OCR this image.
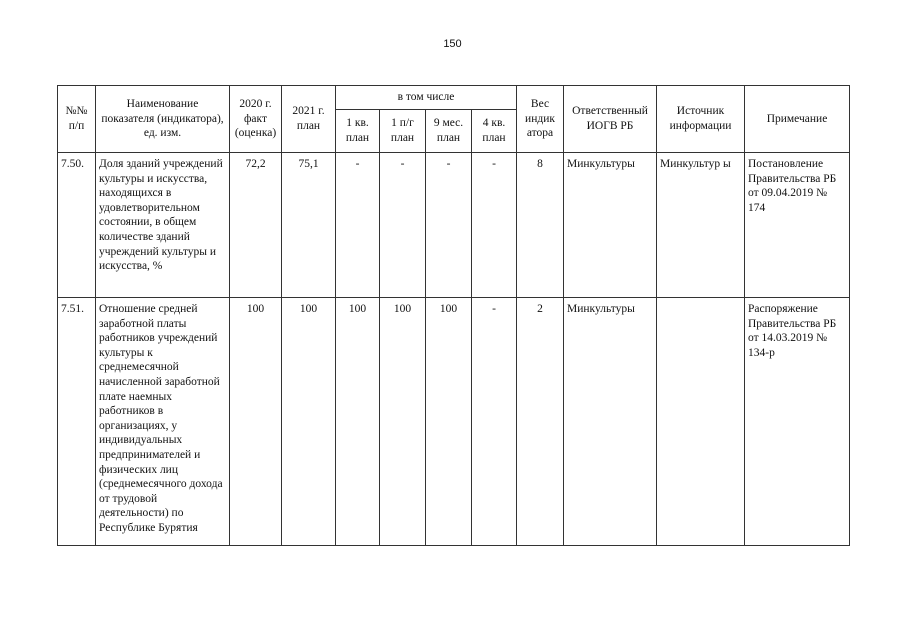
150
№№ п/п	Наименование показателя (индикатора), ед. изм.	2020 г. факт (оценка)	2021 г. план	в том числе				Вес индик атора	Ответственный ИОГВ РБ	Источник информации	Примечание
				1 кв. план	1 п/г план	9 мес. план	4 кв. план				
7.50.	Доля зданий учреждений культуры и искусства, находящихся в удовлетворительном состоянии, в общем количестве зданий учреждений культуры и искусства, %	72,2	75,1	-	-	-	-	8	Минкультуры	Минкультур ы	Постановление Правительства РБ от 09.04.2019 № 174
7.51.	Отношение средней заработной платы работников учреждений культуры к среднемесячной начисленной заработной плате наемных работников в организациях, у индивидуальных предпринимателей и физических лиц (среднемесячного дохода от трудовой деятельности) по Республике Бурятия	100	100	100	100	100	-	2	Минкультуры		Распоряжение Правительства РБ от 14.03.2019 № 134-р
